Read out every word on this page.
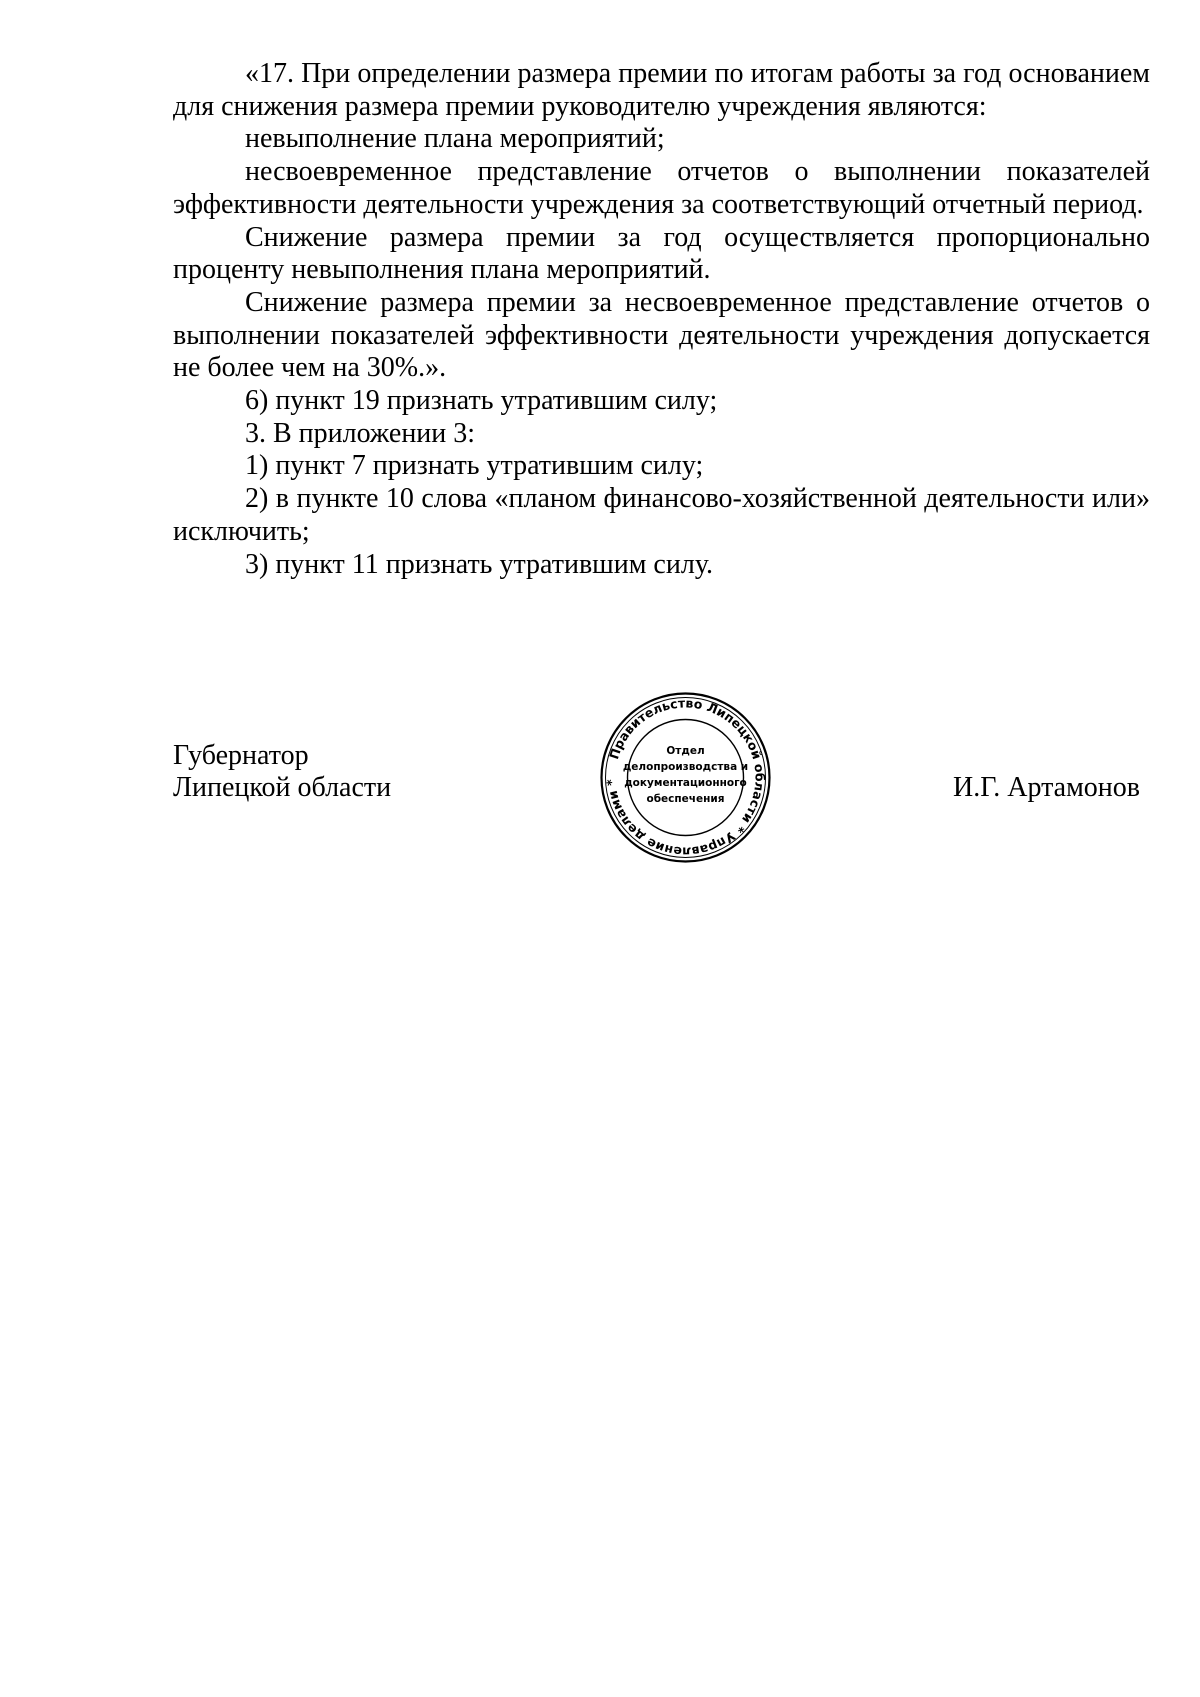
«17. При определении размера премии по итогам работы за год основанием для снижения размера премии руководителю учреждения являются:

невыполнение плана мероприятий;

несвоевременное представление отчетов о выполнении показателей эффективности деятельности учреждения за соответствующий отчетный период.

Снижение размера премии за год осуществляется пропорционально проценту невыполнения плана мероприятий.

Снижение размера премии за несвоевременное представление отчетов о выполнении показателей эффективности деятельности учреждения допускается не более чем на 30%.».

6) пункт 19 признать утратившим силу;

3. В приложении 3:

1) пункт 7 признать утратившим силу;

2) в пункте 10 слова «планом финансово-хозяйственной деятельности или» исключить;

3) пункт 11 признать утратившим силу.

Губернатор
Липецкой области	И.Г. Артамонов
Правительство Липецкой области * Управление делами *
Отдел
делопроизводства и
документационного
обеспечения
